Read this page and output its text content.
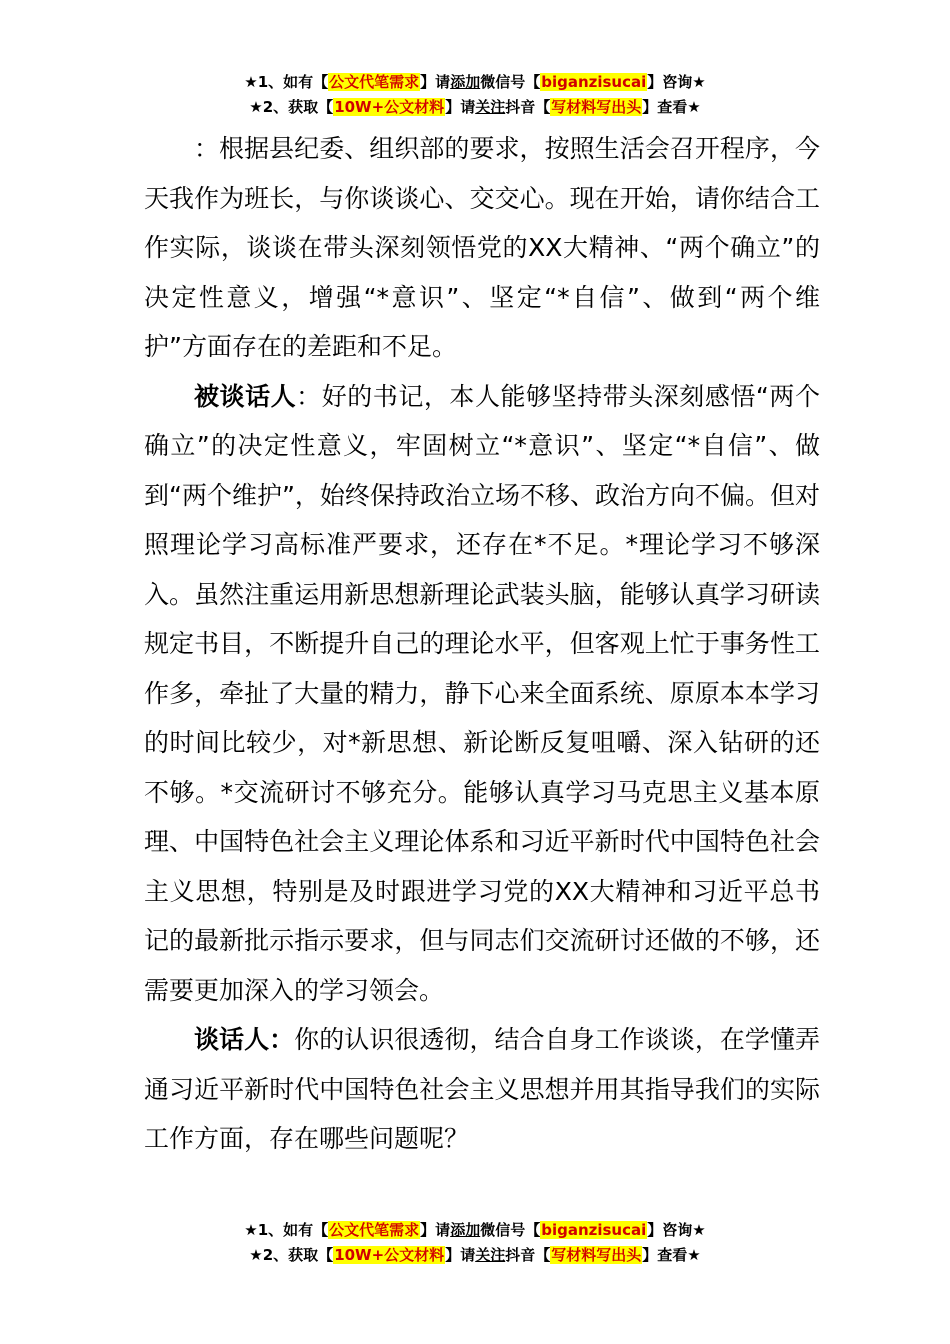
★1、如有【公文代笔需求】请添加微信号【biganzisucai】咨询★
★2、获取【10W+公文材料】请关注抖音【写材料写出头】查看★

：根据县纪委、组织部的要求，按照生活会召开程序，今天我作为班长，与你谈谈心、交交心。现在开始，请你结合工作实际，谈谈在带头深刻领悟党的XX大精神、“两个确立”的决定性意义，增强“*意识”、坚定“*自信”、做到“两个维护”方面存在的差距和不足。

被谈话人：好的书记，本人能够坚持带头深刻感悟“两个确立”的决定性意义，牢固树立“*意识”、坚定“*自信”、做到“两个维护”，始终保持政治立场不移、政治方向不偏。但对照理论学习高标准严要求，还存在*不足。*理论学习不够深入。虽然注重运用新思想新理论武装头脑，能够认真学习研读规定书目，不断提升自己的理论水平，但客观上忙于事务性工作多，牵扯了大量的精力，静下心来全面系统、原原本本学习的时间比较少，对*新思想、新论断反复咀嚼、深入钻研的还不够。*交流研讨不够充分。能够认真学习马克思主义基本原理、中国特色社会主义理论体系和习近平新时代中国特色社会主义思想，特别是及时跟进学习党的XX大精神和习近平总书记的最新批示指示要求，但与同志们交流研讨还做的不够，还需要更加深入的学习领会。

谈话人：你的认识很透彻，结合自身工作谈谈，在学懂弄通习近平新时代中国特色社会主义思想并用其指导我们的实际工作方面，存在哪些问题呢？

★1、如有【公文代笔需求】请添加微信号【biganzisucai】咨询★
★2、获取【10W+公文材料】请关注抖音【写材料写出头】查看★
